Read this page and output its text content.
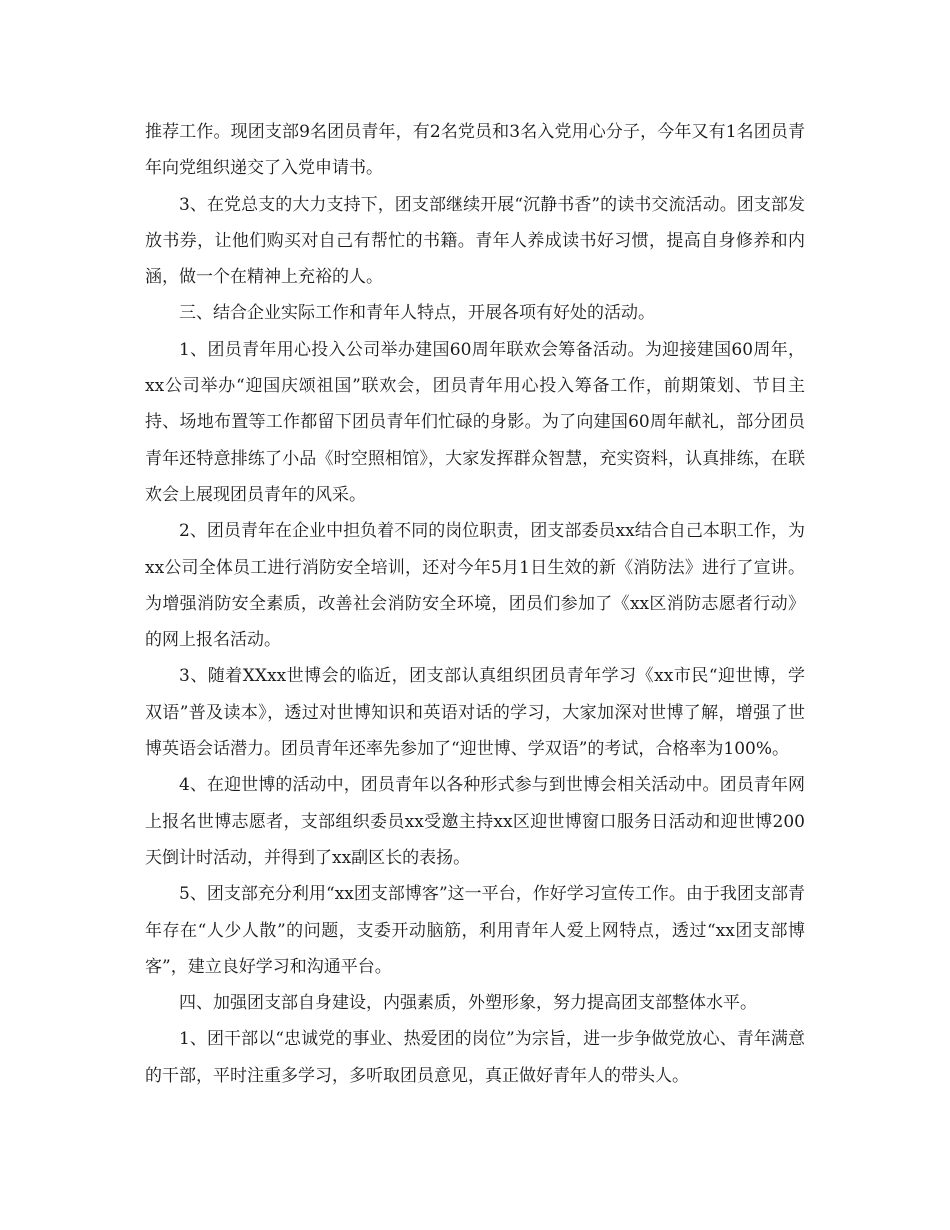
推荐工作。现团支部9名团员青年，有2名党员和3名入党用心分子，今年又有1名团员青年向党组织递交了入党申请书。

3、在党总支的大力支持下，团支部继续开展“沉静书香”的读书交流活动。团支部发放书券，让他们购买对自己有帮忙的书籍。青年人养成读书好习惯，提高自身修养和内涵，做一个在精神上充裕的人。

三、结合企业实际工作和青年人特点，开展各项有好处的活动。

1、团员青年用心投入公司举办建国60周年联欢会筹备活动。为迎接建国60周年，xx公司举办“迎国庆颂祖国”联欢会，团员青年用心投入筹备工作，前期策划、节目主持、场地布置等工作都留下团员青年们忙碌的身影。为了向建国60周年献礼，部分团员青年还特意排练了小品《时空照相馆》，大家发挥群众智慧，充实资料，认真排练，在联欢会上展现团员青年的风采。

2、团员青年在企业中担负着不同的岗位职责，团支部委员xx结合自己本职工作，为xx公司全体员工进行消防安全培训，还对今年5月1日生效的新《消防法》进行了宣讲。为增强消防安全素质，改善社会消防安全环境，团员们参加了《xx区消防志愿者行动》的网上报名活动。

3、随着XXxx世博会的临近，团支部认真组织团员青年学习《xx市民“迎世博，学双语”普及读本》，透过对世博知识和英语对话的学习，大家加深对世博了解，增强了世博英语会话潜力。团员青年还率先参加了“迎世博、学双语”的考试，合格率为100%。

4、在迎世博的活动中，团员青年以各种形式参与到世博会相关活动中。团员青年网上报名世博志愿者，支部组织委员xx受邀主持xx区迎世博窗口服务日活动和迎世博200天倒计时活动，并得到了xx副区长的表扬。

5、团支部充分利用“xx团支部博客”这一平台，作好学习宣传工作。由于我团支部青年存在“人少人散”的问题，支委开动脑筋，利用青年人爱上网特点，透过“xx团支部博客”，建立良好学习和沟通平台。

四、加强团支部自身建设，内强素质，外塑形象，努力提高团支部整体水平。

1、团干部以“忠诚党的事业、热爱团的岗位”为宗旨，进一步争做党放心、青年满意的干部，平时注重多学习，多听取团员意见，真正做好青年人的带头人。
